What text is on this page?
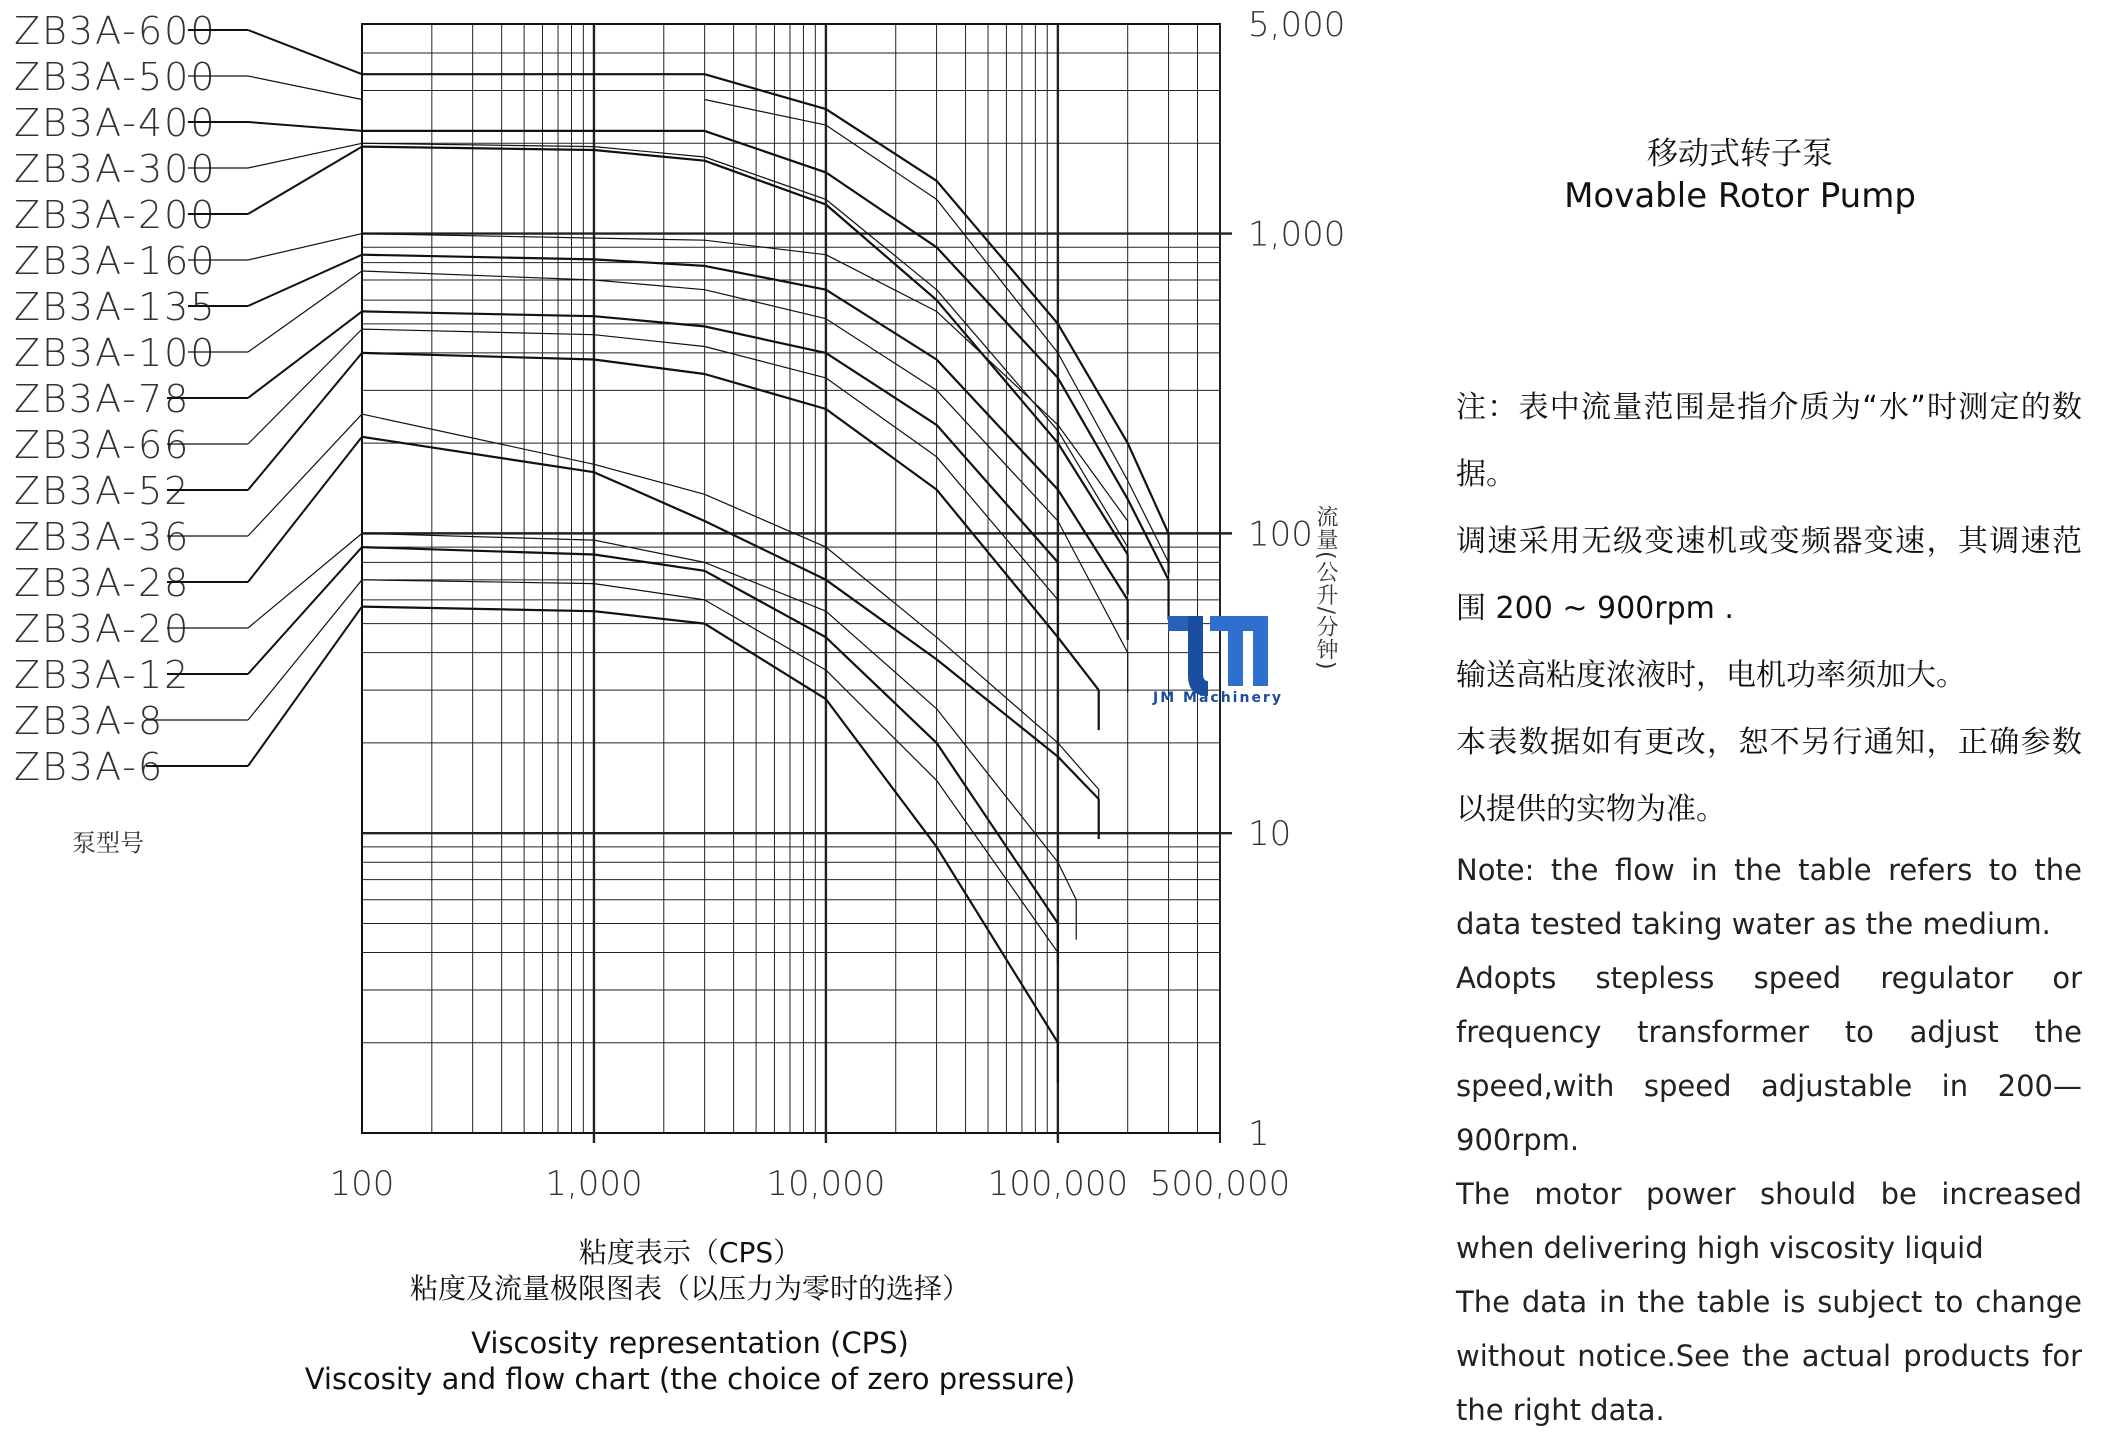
100	1,000	10,000	100,000 500,000
5,000
1,000
100
10
1
ZB3A-600
ZB3A-500
ZB3A-400
ZB3A-300
ZB3A-200
ZB3A-160
ZB3A-135
ZB3A-100
ZB3A-78
ZB3A-66
ZB3A-52
ZB3A-36
ZB3A-28
ZB3A-20
ZB3A-12
ZB3A-8
ZB3A-6
泵型号
流量(公升/分钟)
JM Machinery
粘度表示（CPS）
粘度及流量极限图表（以压力为零时的选择）
Viscosity representation (CPS)
Viscosity and flow chart (the choice of zero pressure)
移动式转子泵
Movable Rotor Pump

注：表中流量范围是指介质为“水”时测定的数据。

调速采用无级变速机或变频器变速，其调速范围 200 ~ 900rpm .

输送高粘度浓液时，电机功率须加大。

本表数据如有更改，恕不另行通知，正确参数以提供的实物为准。

Note: the flow in the table refers to the data tested taking water as the medium.

Adopts stepless speed regulator or frequency transformer to adjust the speed,with speed adjustable in 200—900rpm.

The motor power should be increased when delivering high viscosity liquid

The data in the table is subject to change without notice.See the actual products for the right data.
